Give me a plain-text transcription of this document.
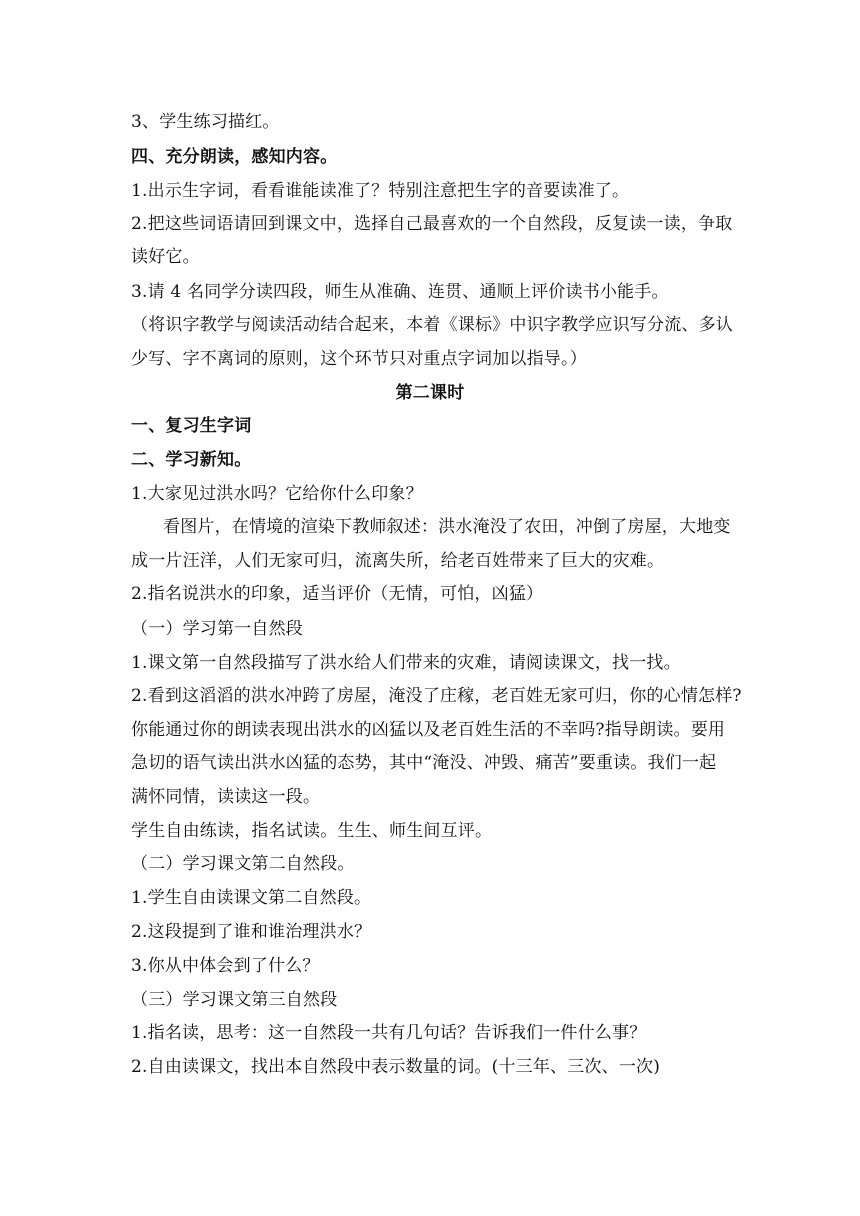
3、学生练习描红。
四、充分朗读，感知内容。
1.出示生字词，看看谁能读准了？特别注意把生字的音要读准了。
2.把这些词语请回到课文中，选择自己最喜欢的一个自然段，反复读一读，争取
读好它。
3.请 4 名同学分读四段，师生从准确、连贯、通顺上评价读书小能手。
（将识字教学与阅读活动结合起来，本着《课标》中识字教学应识写分流、多认
少写、字不离词的原则，这个环节只对重点字词加以指导。）
第二课时
一、复习生字词
二、学习新知。
1.大家见过洪水吗？它给你什么印象？
看图片，在情境的渲染下教师叙述：洪水淹没了农田，冲倒了房屋，大地变
成一片汪洋，人们无家可归，流离失所，给老百姓带来了巨大的灾难。
2.指名说洪水的印象，适当评价（无情，可怕，凶猛）
（一）学习第一自然段
1.课文第一自然段描写了洪水给人们带来的灾难，请阅读课文，找一找。
2.看到这滔滔的洪水冲跨了房屋，淹没了庄稼，老百姓无家可归，你的心情怎样?
你能通过你的朗读表现出洪水的凶猛以及老百姓生活的不幸吗?指导朗读。要用
急切的语气读出洪水凶猛的态势，其中“淹没、冲毁、痛苦”要重读。我们一起
满怀同情，读读这一段。
学生自由练读，指名试读。生生、师生间互评。
（二）学习课文第二自然段。
1.学生自由读课文第二自然段。
2.这段提到了谁和谁治理洪水？
3.你从中体会到了什么？
（三）学习课文第三自然段
1.指名读，思考：这一自然段一共有几句话？告诉我们一件什么事？
2.自由读课文，找出本自然段中表示数量的词。(十三年、三次、一次)
